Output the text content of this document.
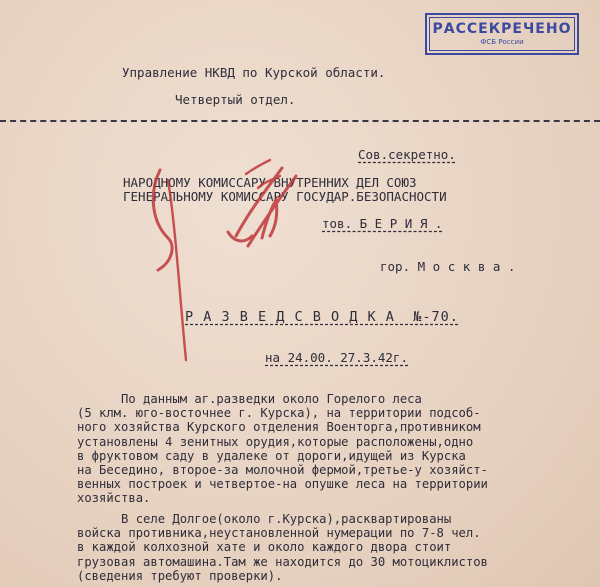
РАССЕКРЕЧЕНО
ФСБ России
Управление НКВД по Курской области.
Четвертый отдел.
Сов.секретно.
НАРОДНОМУ КОМИССАРУ ВНУТРЕННИХ ДЕЛ СОЮЗ
ГЕНЕРАЛЬНОМУ КОМИССАРУ ГОСУДАР.БЕЗОПАСНОСТИ
тов. Б Е Р И Я .
гор. М о с к в а .
Р А З В Е Д С В О Д К А  №-70.
на 24.00. 27.3.42г.

По данным аг.разведки около Горелого леса

(5 клм. юго-восточнее г. Курска), на территории подсоб-

ного хозяйства Курского отделения Военторга,противником

установлены 4 зенитных орудия,которые расположены,одно

в фруктовом саду в удалеке от дороги,идущей из Курска

на Беседино, второе-за молочной фермой,третье-у хозяйст-

венных построек и четвертое-на опушке леса на территории

хозяйства.

В селе Долгое(около г.Курска),расквартированы

войска противника,неустановленной нумерации по 7-8 чел.

в каждой колхозной хате и около каждого двора стоит

грузовая автомашина.Там же находится до 30 мотоциклистов

(сведения требуют проверки).
